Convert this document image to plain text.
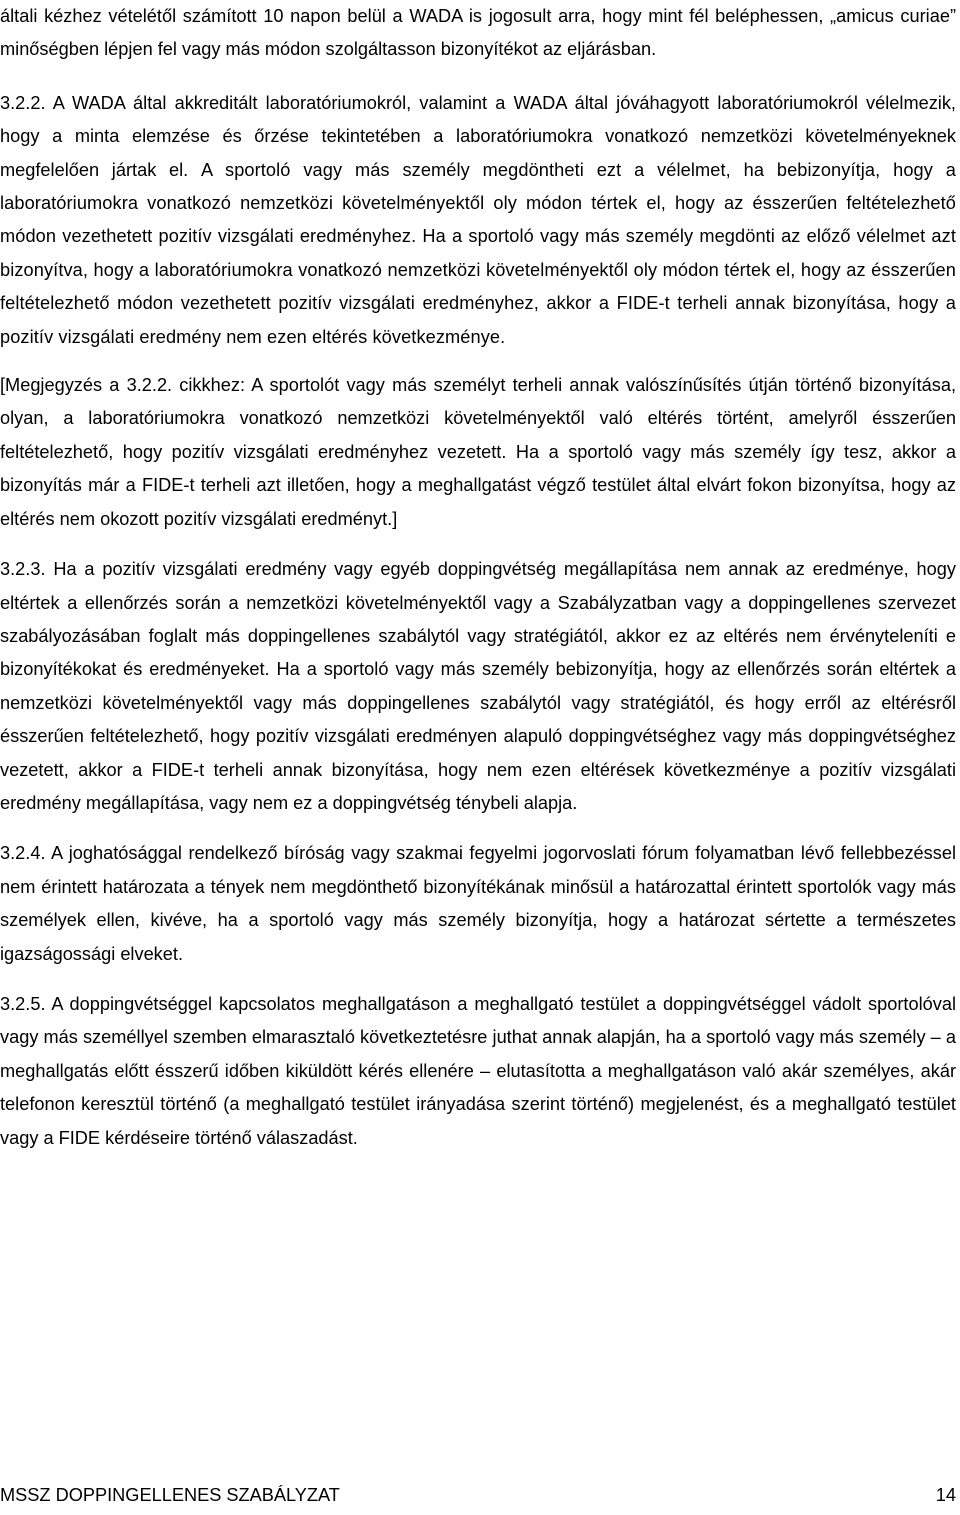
általi kézhez vételétől számított 10 napon belül a WADA is jogosult arra, hogy mint fél beléphessen, „amicus curiae” minőségben lépjen fel vagy más módon szolgáltasson bizonyítékot az eljárásban.

3.2.2. A WADA által akkreditált laboratóriumokról, valamint a WADA által jóváhagyott laboratóriumokról vélelmezik, hogy a minta elemzése és őrzése tekintetében a laboratóriumokra vonatkozó nemzetközi követelményeknek megfelelően jártak el. A sportoló vagy más személy megdöntheti ezt a vélelmet, ha bebizonyítja, hogy a laboratóriumokra vonatkozó nemzetközi követelményektől oly módon tértek el, hogy az ésszerűen feltételezhető módon vezethetett pozitív vizsgálati eredményhez. Ha a sportoló vagy más személy megdönti az előző vélelmet azt bizonyítva, hogy a laboratóriumokra vonatkozó nemzetközi követelményektől oly módon tértek el, hogy az ésszerűen feltételezhető módon vezethetett pozitív vizsgálati eredményhez, akkor a FIDE-t terheli annak bizonyítása, hogy a pozitív vizsgálati eredmény nem ezen eltérés következménye.

[Megjegyzés a 3.2.2. cikkhez: A sportolót vagy más személyt terheli annak valószínűsítés útján történő bizonyítása, olyan, a laboratóriumokra vonatkozó nemzetközi követelményektől való eltérés történt, amelyről ésszerűen feltételezhető, hogy pozitív vizsgálati eredményhez vezetett. Ha a sportoló vagy más személy így tesz, akkor a bizonyítás már a FIDE-t terheli azt illetően, hogy a meghallgatást végző testület által elvárt fokon bizonyítsa, hogy az eltérés nem okozott pozitív vizsgálati eredményt.]

3.2.3. Ha a pozitív vizsgálati eredmény vagy egyéb doppingvétség megállapítása nem annak az eredménye, hogy eltértek a ellenőrzés során a nemzetközi követelményektől vagy a Szabályzatban vagy a doppingellenes szervezet szabályozásában foglalt más doppingellenes szabálytól vagy stratégiától, akkor ez az eltérés nem érvényteleníti e bizonyítékokat és eredményeket. Ha a sportoló vagy más személy bebizonyítja, hogy az ellenőrzés során eltértek a nemzetközi követelményektől vagy más doppingellenes szabálytól vagy stratégiától, és hogy erről az eltérésről ésszerűen feltételezhető, hogy pozitív vizsgálati eredményen alapuló doppingvétséghez vagy más doppingvétséghez vezetett, akkor a FIDE-t terheli annak bizonyítása, hogy nem ezen eltérések következménye a pozitív vizsgálati eredmény megállapítása, vagy nem ez a doppingvétség ténybeli alapja.

3.2.4. A joghatósággal rendelkező bíróság vagy szakmai fegyelmi jogorvoslati fórum folyamatban lévő fellebbezéssel nem érintett határozata a tények nem megdönthető bizonyítékának minősül a határozattal érintett sportolók vagy más személyek ellen, kivéve, ha a sportoló vagy más személy bizonyítja, hogy a határozat sértette a természetes igazságossági elveket.

3.2.5. A doppingvétséggel kapcsolatos meghallgatáson a meghallgató testület a doppingvétséggel vádolt sportolóval vagy más személlyel szemben elmarasztaló következtetésre juthat annak alapján, ha a sportoló vagy más személy – a meghallgatás előtt ésszerű időben kiküldött kérés ellenére – elutasította a meghallgatáson való akár személyes, akár telefonon keresztül történő (a meghallgató testület irányadása szerint történő) megjelenést, és a meghallgató testület vagy a FIDE kérdéseire történő válaszadást.

MSSZ DOPPINGELLENES SZABÁLYZAT	14
